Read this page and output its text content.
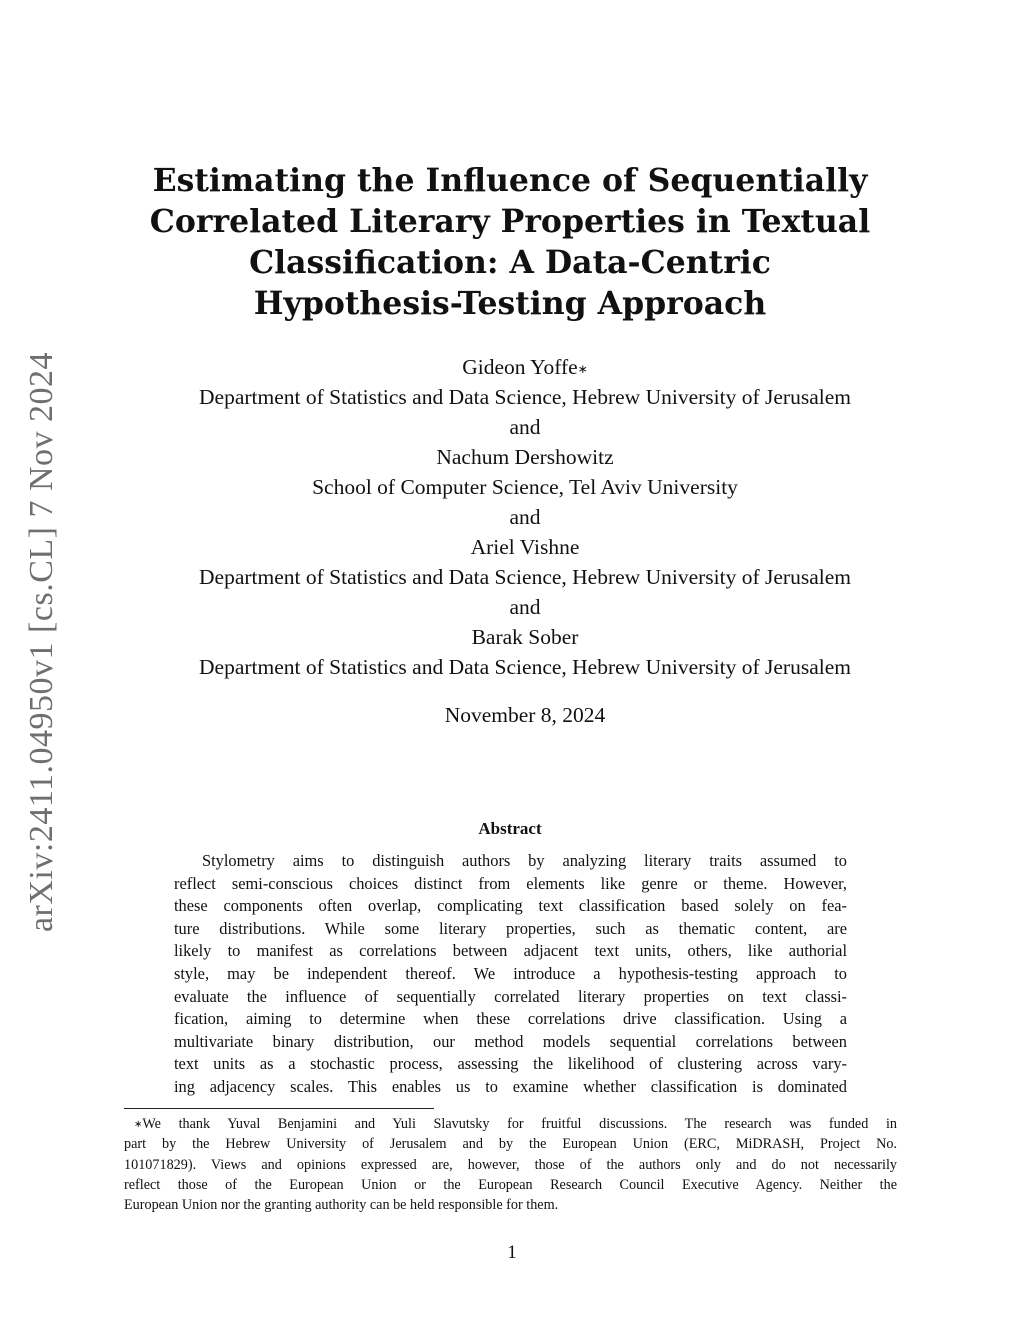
arXiv:2411.04950v1 [cs.CL] 7 Nov 2024
Estimating the Influence of Sequentially
Correlated Literary Properties in Textual
Classification: A Data-Centric
Hypothesis-Testing Approach
Gideon Yoffe∗
Department of Statistics and Data Science, Hebrew University of Jerusalem
and
Nachum Dershowitz
School of Computer Science, Tel Aviv University
and
Ariel Vishne
Department of Statistics and Data Science, Hebrew University of Jerusalem
and
Barak Sober
Department of Statistics and Data Science, Hebrew University of Jerusalem
November 8, 2024
Abstract
Stylometry aims to distinguish authors by analyzing literary traits assumed to
reflect semi-conscious choices distinct from elements like genre or theme. However,
these components often overlap, complicating text classification based solely on fea-
ture distributions. While some literary properties, such as thematic content, are
likely to manifest as correlations between adjacent text units, others, like authorial
style, may be independent thereof. We introduce a hypothesis-testing approach to
evaluate the influence of sequentially correlated literary properties on text classi-
fication, aiming to determine when these correlations drive classification. Using a
multivariate binary distribution, our method models sequential correlations between
text units as a stochastic process, assessing the likelihood of clustering across vary-
ing adjacency scales. This enables us to examine whether classification is dominated
∗We thank Yuval Benjamini and Yuli Slavutsky for fruitful discussions. The research was funded in
part by the Hebrew University of Jerusalem and by the European Union (ERC, MiDRASH, Project No.
101071829). Views and opinions expressed are, however, those of the authors only and do not necessarily
reflect those of the European Union or the European Research Council Executive Agency. Neither the
European Union nor the granting authority can be held responsible for them.
1
